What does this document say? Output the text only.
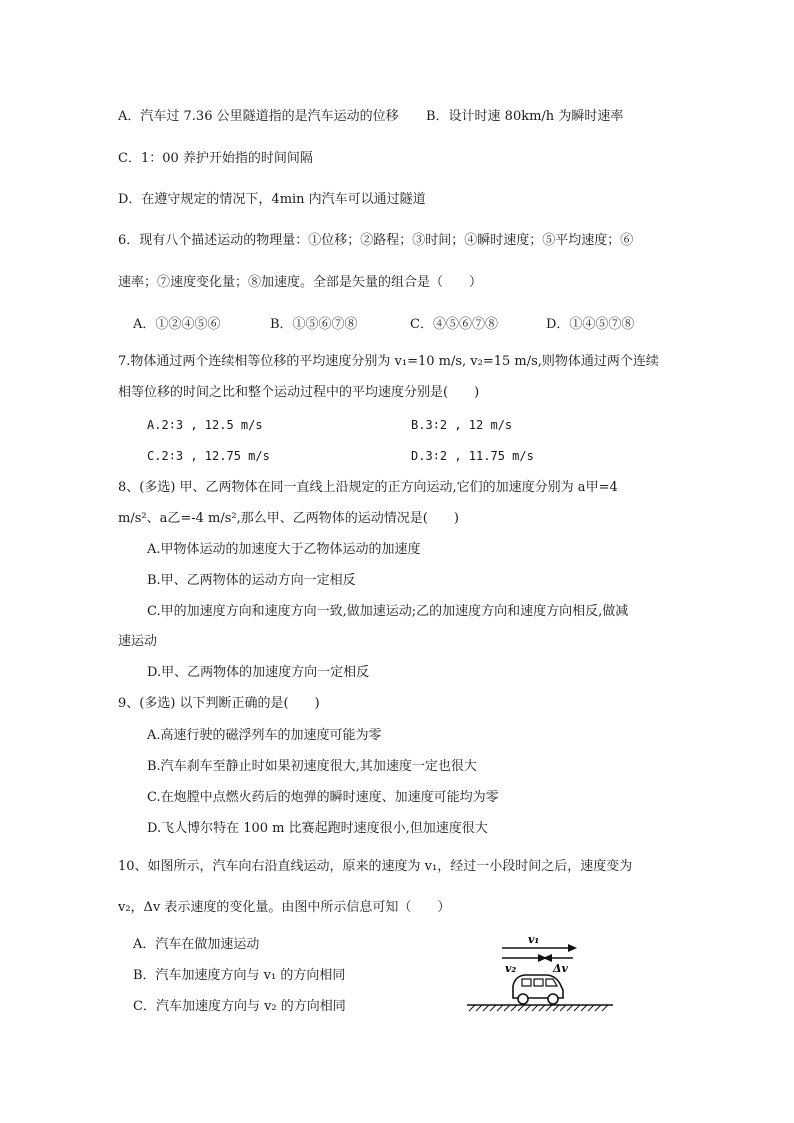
A．汽车过 7.36 公里隧道指的是汽车运动的位移 B．设计时速 80km/h 为瞬时速率
C．1：00 养护开始指的时间间隔
D．在遵守规定的情况下，4min 内汽车可以通过隧道
6．现有八个描述运动的物理量：①位移；②路程；③时间；④瞬时速度；⑤平均速度；⑥
速率；⑦速度变化量；⑧加速度。全部是矢量的组合是（　　）
A．①②④⑤⑥	B．①⑤⑥⑦⑧	C．④⑤⑥⑦⑧	D．①④⑤⑦⑧
7.物体通过两个连续相等位移的平均速度分别为 v₁=10 m/s, v₂=15 m/s,则物体通过两个连续
相等位移的时间之比和整个运动过程中的平均速度分别是(　　)
A.2∶3 , 12.5 m/s	B.3∶2 , 12 m/s
C.2∶3 , 12.75 m/s	D.3∶2 , 11.75 m/s
8、(多选) 甲、乙两物体在同一直线上沿规定的正方向运动,它们的加速度分别为 a甲=4
m/s²、a乙=-4 m/s²,那么甲、乙两物体的运动情况是(　　)
A.甲物体运动的加速度大于乙物体运动的加速度
B.甲、乙两物体的运动方向一定相反
C.甲的加速度方向和速度方向一致,做加速运动;乙的加速度方向和速度方向相反,做减
速运动
D.甲、乙两物体的加速度方向一定相反
9、(多选) 以下判断正确的是(　　)
A.高速行驶的磁浮列车的加速度可能为零
B.汽车刹车至静止时如果初速度很大,其加速度一定也很大
C.在炮膛中点燃火药后的炮弹的瞬时速度、加速度可能均为零
D.飞人博尔特在 100 m 比赛起跑时速度很小,但加速度很大
10、如图所示，汽车向右沿直线运动，原来的速度为 v₁，经过一小段时间之后，速度变为
v₂，Δv 表示速度的变化量。由图中所示信息可知（　　）
A．汽车在做加速运动
B．汽车加速度方向与 v₁ 的方向相同
C．汽车加速度方向与 v₂ 的方向相同
v₁
v₂	Δv
